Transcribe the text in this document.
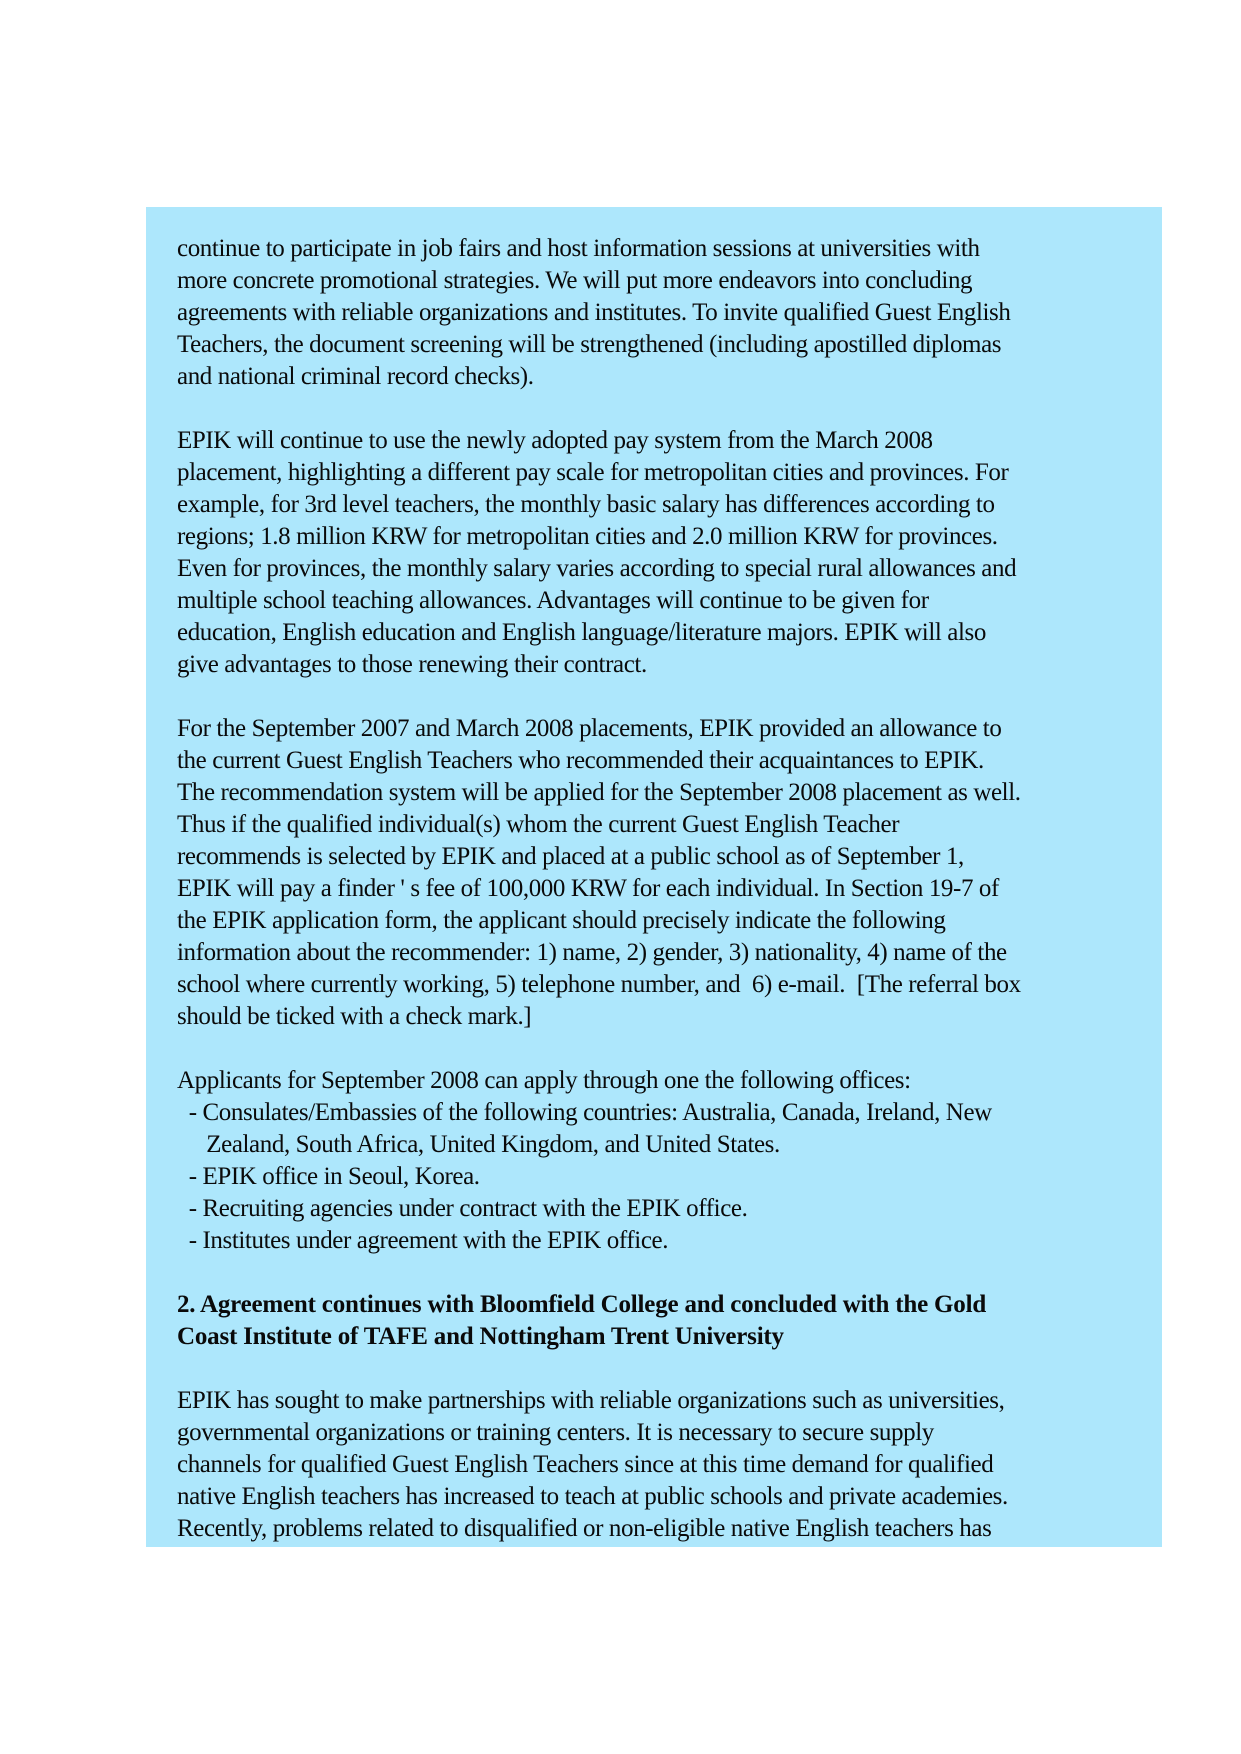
continue to participate in job fairs and host information sessions at universities with
more concrete promotional strategies. We will put more endeavors into concluding
agreements with reliable organizations and institutes. To invite qualified Guest English
Teachers, the document screening will be strengthened (including apostilled diplomas
and national criminal record checks).
EPIK will continue to use the newly adopted pay system from the March 2008
placement, highlighting a different pay scale for metropolitan cities and provinces. For
example, for 3rd level teachers, the monthly basic salary has differences according to
regions; 1.8 million KRW for metropolitan cities and 2.0 million KRW for provinces.
Even for provinces, the monthly salary varies according to special rural allowances and
multiple school teaching allowances. Advantages will continue to be given for
education, English education and English language/literature majors. EPIK will also
give advantages to those renewing their contract.
For the September 2007 and March 2008 placements, EPIK provided an allowance to
the current Guest English Teachers who recommended their acquaintances to EPIK.
The recommendation system will be applied for the September 2008 placement as well.
Thus if the qualified individual(s) whom the current Guest English Teacher
recommends is selected by EPIK and placed at a public school as of September 1,
EPIK will pay a finder ' s fee of 100,000 KRW for each individual. In Section 19-7 of
the EPIK application form, the applicant should precisely indicate the following
information about the recommender: 1) name, 2) gender, 3) nationality, 4) name of the
school where currently working, 5) telephone number, and  6) e-mail.  [The referral box
should be ticked with a check mark.]
Applicants for September 2008 can apply through one the following offices:
- Consulates/Embassies of the following countries: Australia, Canada, Ireland, New
Zealand, South Africa, United Kingdom, and United States.
- EPIK office in Seoul, Korea.
- Recruiting agencies under contract with the EPIK office.
- Institutes under agreement with the EPIK office.
2. Agreement continues with Bloomfield College and concluded with the Gold
Coast Institute of TAFE and Nottingham Trent University
EPIK has sought to make partnerships with reliable organizations such as universities,
governmental organizations or training centers. It is necessary to secure supply
channels for qualified Guest English Teachers since at this time demand for qualified
native English teachers has increased to teach at public schools and private academies.
Recently, problems related to disqualified or non-eligible native English teachers has
